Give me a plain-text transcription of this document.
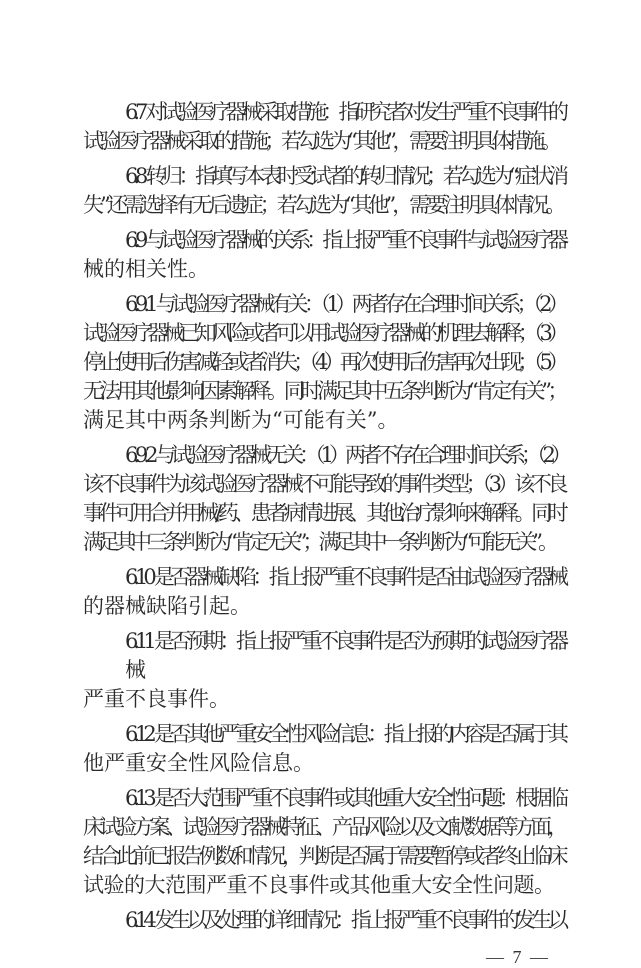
6.7 对试验医疗器械采取措施：指研究者对发生严重不良事件的
试验医疗器械采取的措施；若勾选为“其他”，需要注明具体措施。
6.8 转归：指填写本表时受试者的转归情况；若勾选为“症状消
失”还需选择有无后遗症；若勾选为“其他”，需要注明具体情况。
6.9 与试验医疗器械的关系：指上报严重不良事件与试验医疗器
械的相关性。
6.9.1 与试验医疗器械有关：（1）两者存在合理时间关系；（2）
试验医疗器械已知风险或者可以用试验医疗器械的机理去解释；（3）
停止使用后伤害减轻或者消失；（4）再次使用后伤害再次出现；（5）
无法用其他影响因素解释。同时满足其中五条判断为“肯定有关”；
满足其中两条判断为“可能有关”。
6.9.2 与试验医疗器械无关：（1）两者不存在合理时间关系；（2）
该不良事件为该试验医疗器械不可能导致的事件类型；（3）该不良
事件可用合并用械/药、患者病情进展、其他治疗影响来解释。同时
满足其中三条判断为“肯定无关”；满足其中一条判断为“可能无关”。
6.10 是否器械缺陷：指上报严重不良事件是否由试验医疗器械
的器械缺陷引起。
6.11 是否预期：指上报严重不良事件是否为预期的试验医疗器械
严重不良事件。
6.12 是否其他严重安全性风险信息：指上报的内容是否属于其
他严重安全性风险信息。
6.13 是否大范围严重不良事件或其他重大安全性问题：根据临
床试验方案、试验医疗器械特征、产品风险以及文献数据等方面，
结合此前已报告例数和情况，判断是否属于需要暂停或者终止临床
试验的大范围严重不良事件或其他重大安全性问题。
6.14 发生以及处理的详细情况：指上报严重不良事件的发生以
— 7 —
